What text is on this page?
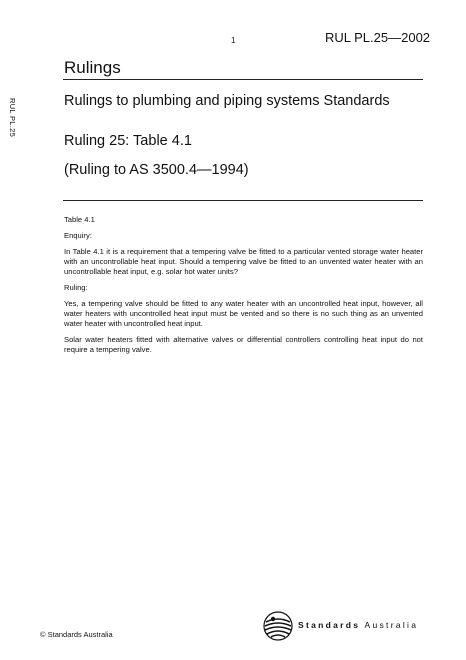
1	RUL PL.25—2002
RUL PL.25
Rulings
Rulings to plumbing and piping systems Standards
Ruling 25: Table 4.1
(Ruling to AS 3500.4—1994)

Table 4.1

Enquiry:

In Table 4.1 it is a requirement that a tempering valve be fitted to a particular vented storage water heater with an uncontrollable heat input. Should a tempering valve be fitted to an unvented water heater with an uncontrollable heat input, e.g. solar hot water units?

Ruling:

Yes, a tempering valve should be fitted to any water heater with an uncontrolled heat input, however, all water heaters with uncontrolled heat input must be vented and so there is no such thing as an unvented water heater with uncontrolled heat input.

Solar water heaters fitted with alternative valves or differential controllers controlling heat input do not require a tempering valve.

© Standards Australia
Standards Australia
